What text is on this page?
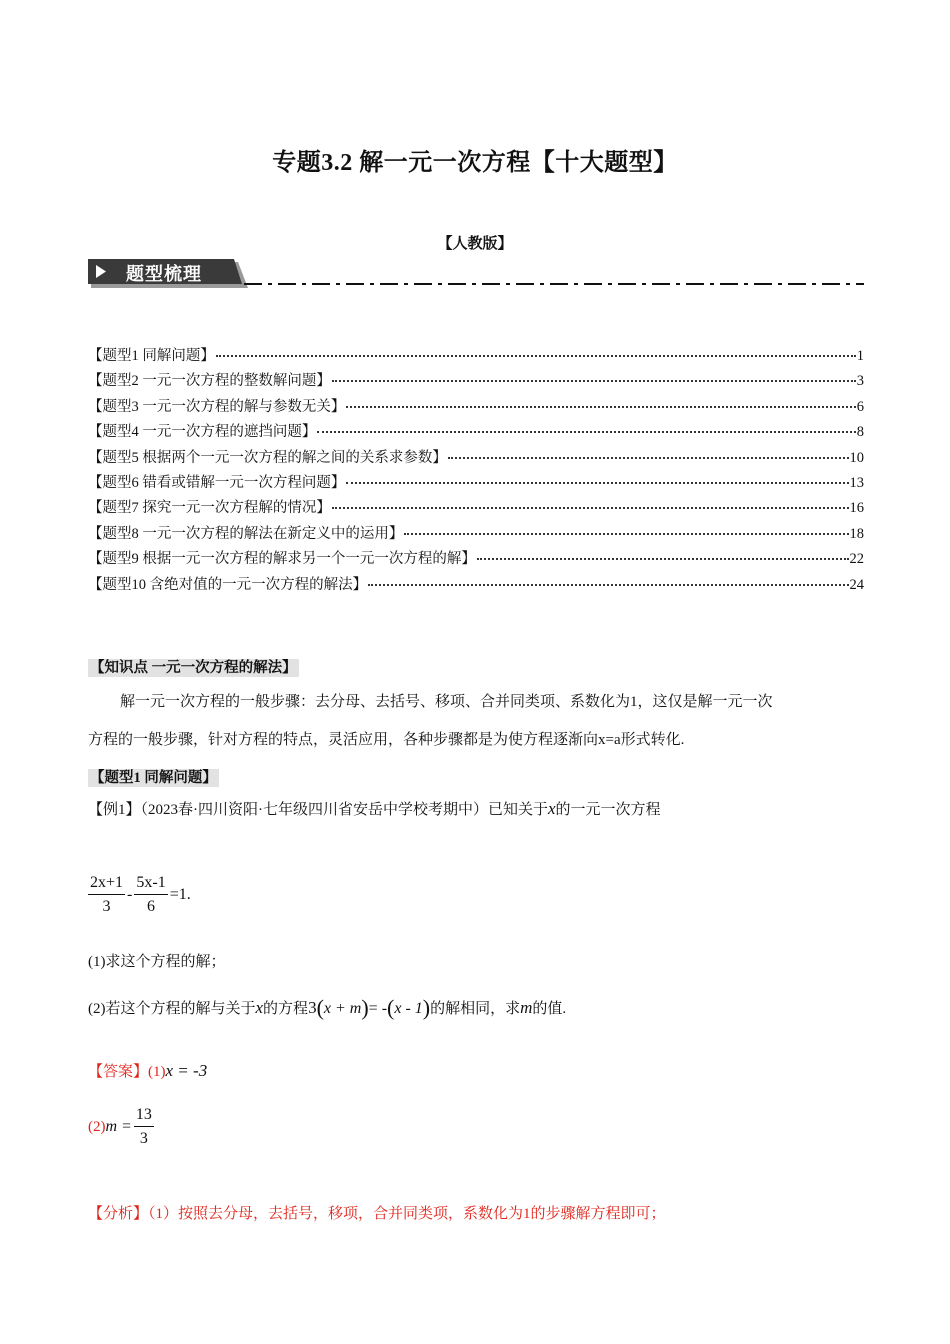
专题3.2 解一元一次方程【十大题型】
【人教版】
题型梳理
【题型1 同解问题】	1
【题型2 一元一次方程的整数解问题】	3
【题型3 一元一次方程的解与参数无关】	6
【题型4 一元一次方程的遮挡问题】	8
【题型5 根据两个一元一次方程的解之间的关系求参数】	10
【题型6 错看或错解一元一次方程问题】	13
【题型7 探究一元一次方程解的情况】	16
【题型8 一元一次方程的解法在新定义中的运用】	18
【题型9 根据一元一次方程的解求另一个一元一次方程的解】	22
【题型10 含绝对值的一元一次方程的解法】	24
【知识点 一元一次方程的解法】
解一元一次方程的一般步骤：去分母、去括号、移项、合并同类项、系数化为1，这仅是解一元一次
方程的一般步骤，针对方程的特点，灵活应用，各种步骤都是为使方程逐渐向x=a形式转化.
【题型1 同解问题】
【例1】（2023春·四川资阳·七年级四川省安岳中学校考期中）已知关于x的一元一次方程
$\frac{2x+1}{3} - \frac{5x-1}{6} =1$.
(1)求这个方程的解；
(2)若这个方程的解与关于x的方程3(x + m)= -(x - 1)的解相同，求m的值.
【答案】(1)x = -3
(2) $m = \frac{13}{3}$
【分析】（1）按照去分母，去括号，移项，合并同类项，系数化为1的步骤解方程即可；
